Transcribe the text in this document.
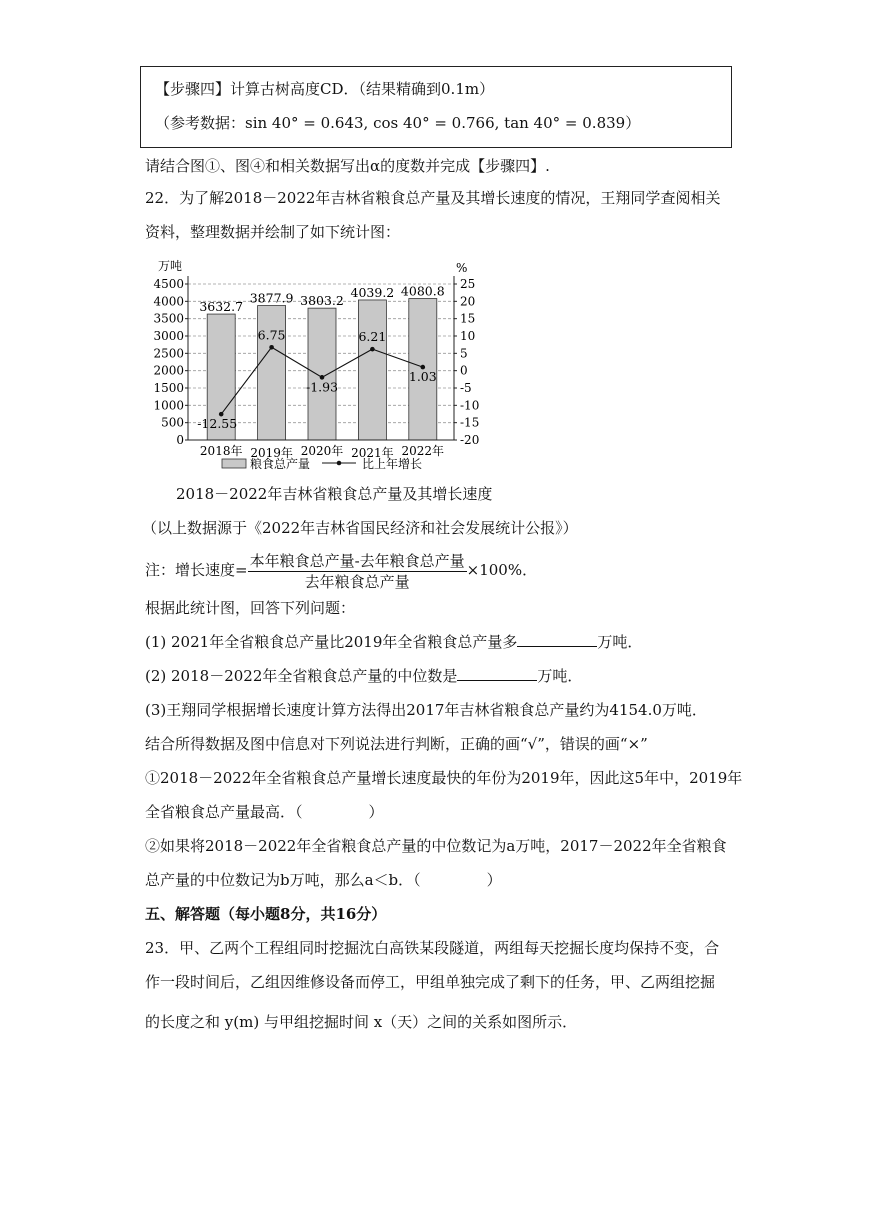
【步骤四】计算古树高度CD．（结果精确到0.1m）
（参考数据：sin 40° = 0.643, cos 40° = 0.766, tan 40° = 0.839）
请结合图①、图④和相关数据写出α的度数并完成【步骤四】.
22．为了解2018－2022年吉林省粮食总产量及其增长速度的情况，王翔同学查阅相关
资料，整理数据并绘制了如下统计图：
万吨	%
0
500
1000
1500
2000
2500
3000
3500
4000
4500
-20
-15
-10
-5
0
5
10
15
20
25
3632.7
2018年
3877.9
2019年
3803.2
2020年
4039.2
2021年
4080.8
2022年
-12.55
6.75
-1.93
6.21
1.03
粮食总产量	比上年增长
2018－2022年吉林省粮食总产量及其增长速度
（以上数据源于《2022年吉林省国民经济和社会发展统计公报》）
注：增长速度= $\frac{\text{本年粮食总产量-去年粮食总产量}}{\text{去年粮食总产量}} \times 100\%$．
根据此统计图，回答下列问题：
(1) 2021年全省粮食总产量比2019年全省粮食总产量多	万吨．
(2) 2018－2022年全省粮食总产量的中位数是	万吨．
(3)王翔同学根据增长速度计算方法得出2017年吉林省粮食总产量约为4154.0万吨．
结合所得数据及图中信息对下列说法进行判断，正确的画“√”，错误的画“×”
①2018－2022年全省粮食总产量增长速度最快的年份为2019年，因此这5年中，2019年
全省粮食总产量最高．（	）
②如果将2018－2022年全省粮食总产量的中位数记为a万吨，2017－2022年全省粮食
总产量的中位数记为b万吨，那么a＜b．（	）
五、解答题（每小题8分，共16分）
23．甲、乙两个工程组同时挖掘沈白高铁某段隧道，两组每天挖掘长度均保持不变，合
作一段时间后，乙组因维修设备而停工，甲组单独完成了剩下的任务，甲、乙两组挖掘
的长度之和 y(m) 与甲组挖掘时间 x（天）之间的关系如图所示．
